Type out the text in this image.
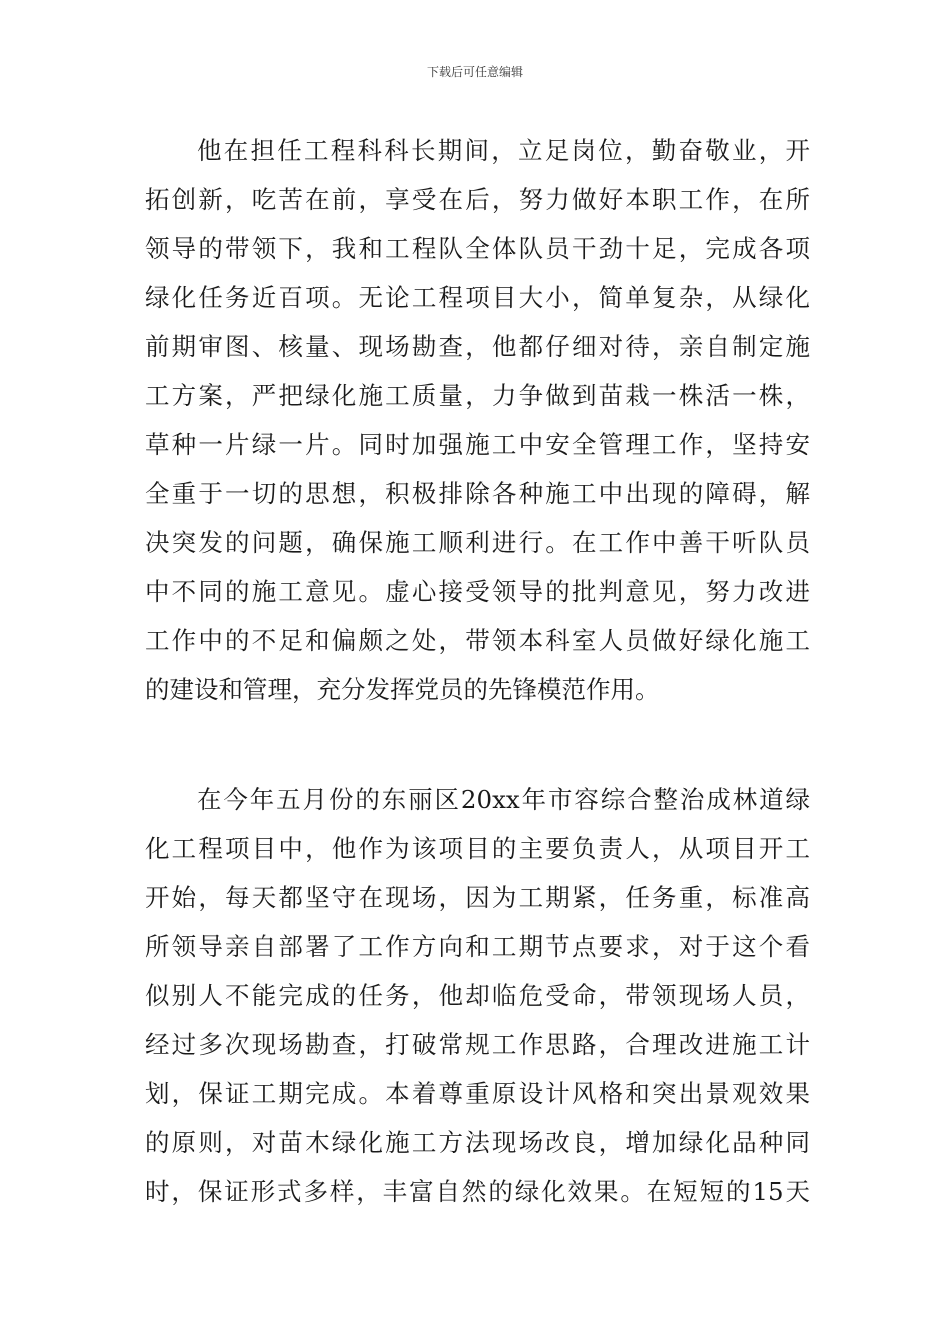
下载后可任意编辑
他在担任工程科科长期间，立足岗位，勤奋敬业，开
拓创新，吃苦在前，享受在后，努力做好本职工作，在所
领导的带领下，我和工程队全体队员干劲十足，完成各项
绿化任务近百项。无论工程项目大小，简单复杂，从绿化
前期审图、核量、现场勘查，他都仔细对待，亲自制定施
工方案，严把绿化施工质量，力争做到苗栽一株活一株，
草种一片绿一片。同时加强施工中安全管理工作，坚持安
全重于一切的思想，积极排除各种施工中出现的障碍，解
决突发的问题，确保施工顺利进行。在工作中善干听队员
中不同的施工意见。虚心接受领导的批判意见，努力改进
工作中的不足和偏颇之处，带领本科室人员做好绿化施工
的建设和管理，充分发挥党员的先锋模范作用。
在今年五月份的东丽区20xx年市容综合整治成林道绿
化工程项目中，他作为该项目的主要负责人，从项目开工
开始，每天都坚守在现场，因为工期紧，任务重，标准高
所领导亲自部署了工作方向和工期节点要求，对于这个看
似别人不能完成的任务，他却临危受命，带领现场人员，
经过多次现场勘查，打破常规工作思路，合理改进施工计
划，保证工期完成。本着尊重原设计风格和突出景观效果
的原则，对苗木绿化施工方法现场改良，增加绿化品种同
时，保证形式多样，丰富自然的绿化效果。在短短的15天
